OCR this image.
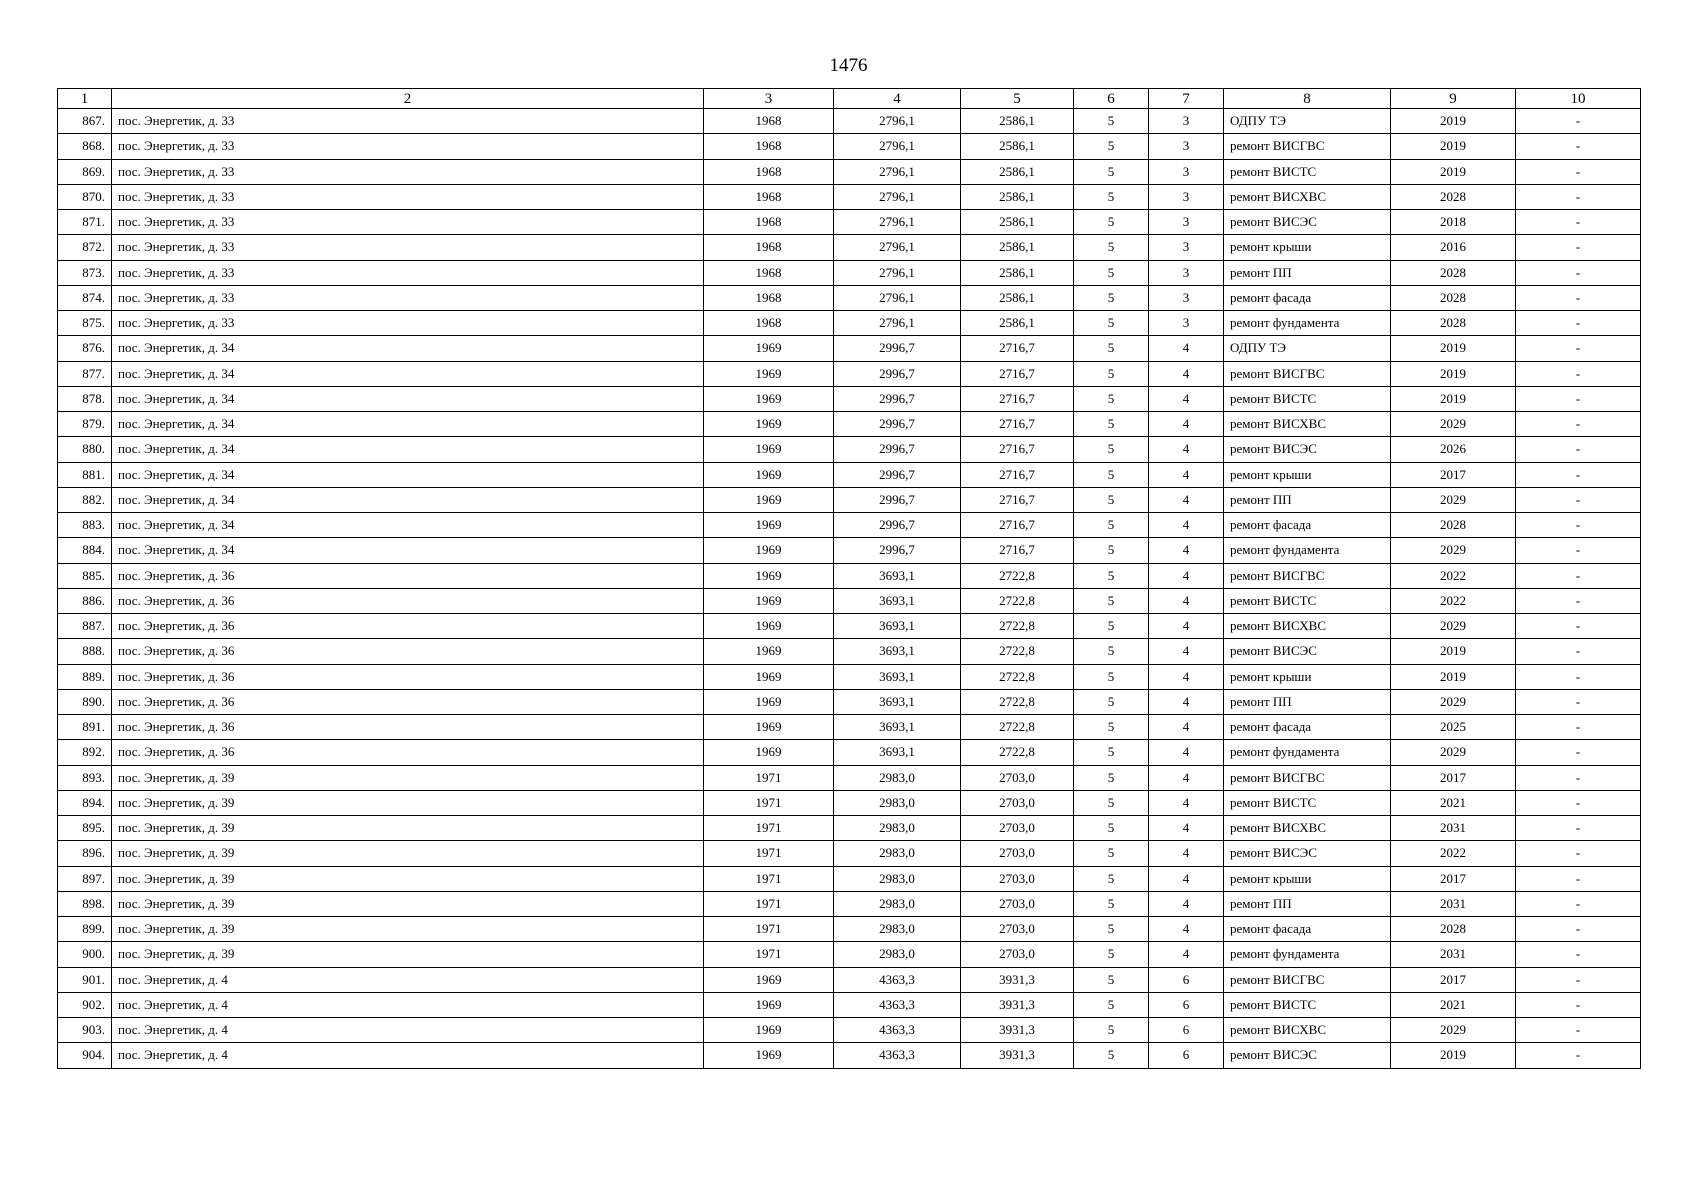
1476
1	2	3	4	5	6	7	8	9	10
867.	пос. Энергетик, д. 33	1968	2796,1	2586,1	5	3	ОДПУ ТЭ	2019	-
868.	пос. Энергетик, д. 33	1968	2796,1	2586,1	5	3	ремонт ВИСГВС	2019	-
869.	пос. Энергетик, д. 33	1968	2796,1	2586,1	5	3	ремонт ВИСТС	2019	-
870.	пос. Энергетик, д. 33	1968	2796,1	2586,1	5	3	ремонт ВИСХВС	2028	-
871.	пос. Энергетик, д. 33	1968	2796,1	2586,1	5	3	ремонт ВИСЭС	2018	-
872.	пос. Энергетик, д. 33	1968	2796,1	2586,1	5	3	ремонт крыши	2016	-
873.	пос. Энергетик, д. 33	1968	2796,1	2586,1	5	3	ремонт ПП	2028	-
874.	пос. Энергетик, д. 33	1968	2796,1	2586,1	5	3	ремонт фасада	2028	-
875.	пос. Энергетик, д. 33	1968	2796,1	2586,1	5	3	ремонт фундамента	2028	-
876.	пос. Энергетик, д. 34	1969	2996,7	2716,7	5	4	ОДПУ ТЭ	2019	-
877.	пос. Энергетик, д. 34	1969	2996,7	2716,7	5	4	ремонт ВИСГВС	2019	-
878.	пос. Энергетик, д. 34	1969	2996,7	2716,7	5	4	ремонт ВИСТС	2019	-
879.	пос. Энергетик, д. 34	1969	2996,7	2716,7	5	4	ремонт ВИСХВС	2029	-
880.	пос. Энергетик, д. 34	1969	2996,7	2716,7	5	4	ремонт ВИСЭС	2026	-
881.	пос. Энергетик, д. 34	1969	2996,7	2716,7	5	4	ремонт крыши	2017	-
882.	пос. Энергетик, д. 34	1969	2996,7	2716,7	5	4	ремонт ПП	2029	-
883.	пос. Энергетик, д. 34	1969	2996,7	2716,7	5	4	ремонт фасада	2028	-
884.	пос. Энергетик, д. 34	1969	2996,7	2716,7	5	4	ремонт фундамента	2029	-
885.	пос. Энергетик, д. 36	1969	3693,1	2722,8	5	4	ремонт ВИСГВС	2022	-
886.	пос. Энергетик, д. 36	1969	3693,1	2722,8	5	4	ремонт ВИСТС	2022	-
887.	пос. Энергетик, д. 36	1969	3693,1	2722,8	5	4	ремонт ВИСХВС	2029	-
888.	пос. Энергетик, д. 36	1969	3693,1	2722,8	5	4	ремонт ВИСЭС	2019	-
889.	пос. Энергетик, д. 36	1969	3693,1	2722,8	5	4	ремонт крыши	2019	-
890.	пос. Энергетик, д. 36	1969	3693,1	2722,8	5	4	ремонт ПП	2029	-
891.	пос. Энергетик, д. 36	1969	3693,1	2722,8	5	4	ремонт фасада	2025	-
892.	пос. Энергетик, д. 36	1969	3693,1	2722,8	5	4	ремонт фундамента	2029	-
893.	пос. Энергетик, д. 39	1971	2983,0	2703,0	5	4	ремонт ВИСГВС	2017	-
894.	пос. Энергетик, д. 39	1971	2983,0	2703,0	5	4	ремонт ВИСТС	2021	-
895.	пос. Энергетик, д. 39	1971	2983,0	2703,0	5	4	ремонт ВИСХВС	2031	-
896.	пос. Энергетик, д. 39	1971	2983,0	2703,0	5	4	ремонт ВИСЭС	2022	-
897.	пос. Энергетик, д. 39	1971	2983,0	2703,0	5	4	ремонт крыши	2017	-
898.	пос. Энергетик, д. 39	1971	2983,0	2703,0	5	4	ремонт ПП	2031	-
899.	пос. Энергетик, д. 39	1971	2983,0	2703,0	5	4	ремонт фасада	2028	-
900.	пос. Энергетик, д. 39	1971	2983,0	2703,0	5	4	ремонт фундамента	2031	-
901.	пос. Энергетик, д. 4	1969	4363,3	3931,3	5	6	ремонт ВИСГВС	2017	-
902.	пос. Энергетик, д. 4	1969	4363,3	3931,3	5	6	ремонт ВИСТС	2021	-
903.	пос. Энергетик, д. 4	1969	4363,3	3931,3	5	6	ремонт ВИСХВС	2029	-
904.	пос. Энергетик, д. 4	1969	4363,3	3931,3	5	6	ремонт ВИСЭС	2019	-
